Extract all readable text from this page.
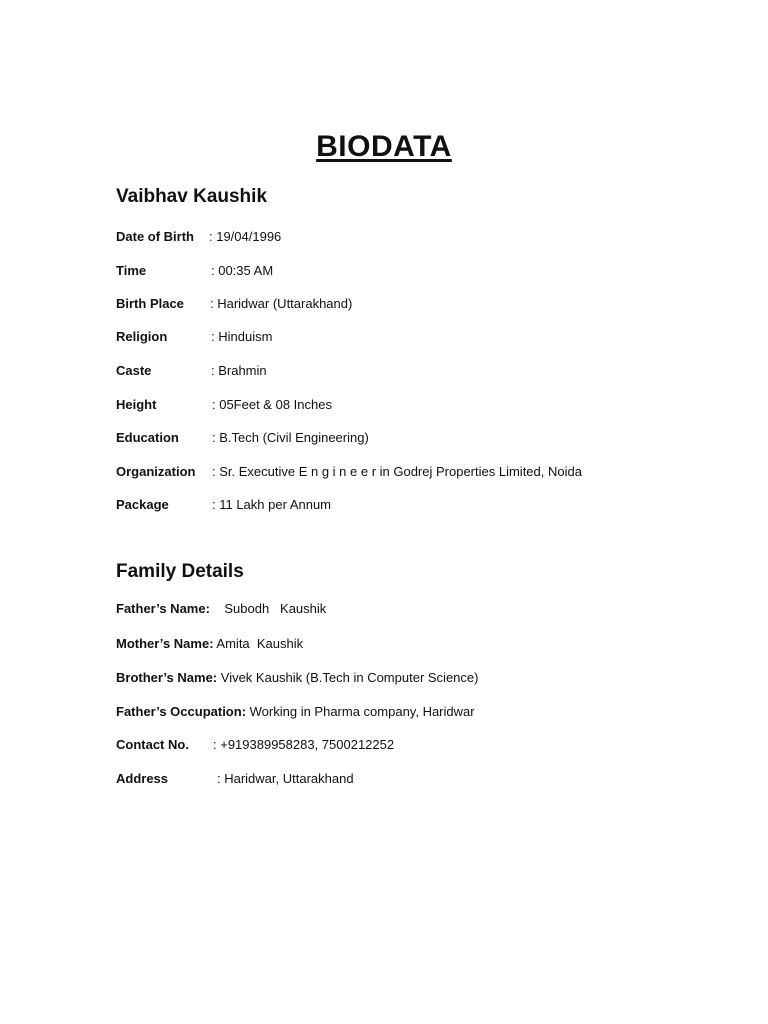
BIODATA
Vaibhav Kaushik
Date of Birth : 19/04/1996
Time	: 00:35 AM
Birth Place : Haridwar (Uttarakhand)
Religion	: Hinduism
Caste	: Brahmin
Height	: 05Feet & 08 Inches
Education	: B.Tech (Civil Engineering)
Organization : Sr. Executive E n g i n e e r in Godrej Properties Limited, Noida
Package	: 11 Lakh per Annum
Family Details
Father’s Name:    Subodh   Kaushik
Mother’s Name: Amita  Kaushik
Brother’s Name: Vivek Kaushik (B.Tech in Computer Science)
Father’s Occupation: Working in Pharma company, Haridwar
Contact No. : +919389958283, 7500212252
Address	: Haridwar, Uttarakhand
